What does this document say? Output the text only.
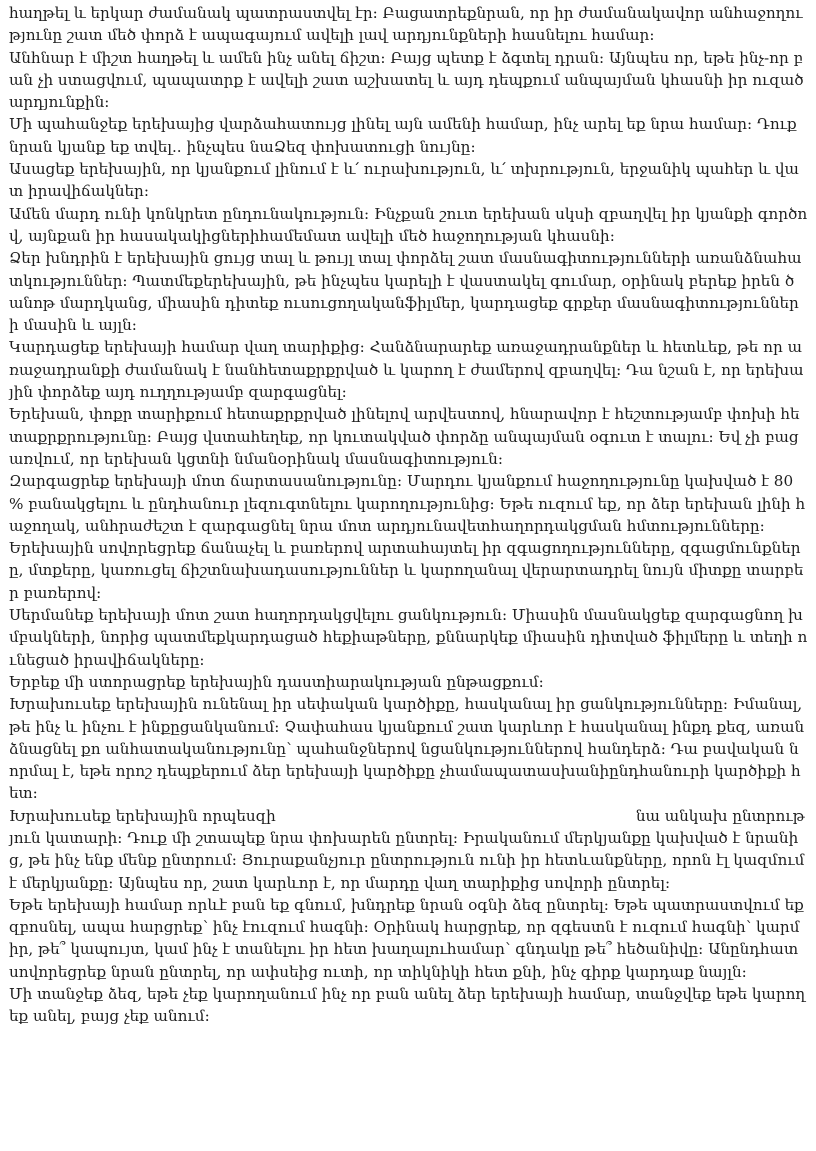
հաղթել և երկար ժամանակ պատրաստվել էր: Բացատրեքնրան, որ իր ժամանակավոր անհաջողությունը շատ մեծ փորձ է ապագայում ավելի լավ արդյունքների հասնելու համար:

Անհնար է միշտ հաղթել և ամեն ինչ անել ճիշտ: Բայց պետք է ձգտել դրան: Այնպես որ, եթե ինչ-որ բան չի ստացվում, պապատրք է ավելի շատ աշխատել և այդ դեպքում անպայման կհասնի իր ուզած արդյունքին:

Մի պահանջեք երեխայից վարձահատույց լինել այն ամենի համար, ինչ արել եք նրա համար: Դուք նրան կյանք եք տվել.. ինչպես նաՁեզ փոխատուցի նույնը:

Ասացեք երեխային, որ կյանքում լինում է և՛ ուրախություն, և՛ տխրություն, երջանիկ պահեր և վատ իրավիճակներ:

Ամեն մարդ ունի կոնկրետ ընդունակություն: Ինչքան շուտ երեխան սկսի զբաղվել իր կյանքի գործով, այնքան իր հասակակիցներիհամեմատ ավելի մեծ հաջողության կհասնի:

Ձեր խնդրին է երեխային ցույց տալ և թույլ տալ փորձել շատ մասնագիտությունների առանձնահատկություններ: Պատմեքերեխային, թե ինչպես կարելի է վաստակել գումար, օրինակ բերեք իրեն ծանոթ մարդկանց, միասին դիտեք ուսուցողականֆիլմեր, կարդացեք գրքեր մասնագիտությունների մասին և այլն:

Կարդացեք երեխայի համար վաղ տարիքից: Հանձնարարեք առաջադրանքներ և հետևեք, թե որ առաջադրանքի ժամանակ է նանհետաքրքրված և կարող է ժամերով զբաղվել: Դա նշան է, որ երեխային փորձեք այդ ուղղությամբ զարգացնել:

Երեխան, փոքր տարիքում հետաքրքրված լինելով արվեստով, հնարավոր է հեշտությամբ փոխի հետաքրքրությունը: Բայց վստահեղեք, որ կուտակված փորձը անպայման օգուտ է տալու: Եվ չի բացառվում, որ երեխան կցտնի նմանօրինակ մասնագիտություն:

Զարգացրեք երեխայի մոտ ճարտասանությունը: Մարդու կյանքում հաջողությունը կախված է 80 % բանակցելու և ընդհանուր լեզուգտնելու կարողությունից: Եթե ուզում եք, որ ձեր երեխան լինի հաջողակ, անհրաժեշտ է զարգացնել նրա մոտ արդյունավետհաղորդակցման հմտությունները:

Երեխային սովորեցրեք ճանաչել և բառերով արտահայտել իր զգացողությունները, զգացմունքները, մտքերը, կառուցել ճիշտնախադասություններ և կարողանալ վերարտադրել նույն միտքը տարբեր բառերով:

Սերմանեք երեխայի մոտ շատ հաղորդակցվելու ցանկություն: Միասին մասնակցեք զարգացնող խմբակների, նորից պատմեքկարդացած հեքիաթները, քննարկեք միասին դիտված ֆիլմերը և տեղի ունեցած իրավիճակները:

Երբեք մի ստորացրեք երեխային դաստիարակության ընթացքում:

Խրախուսեք երեխային ունենալ իր սեփական կարծիքը, հասկանալ իր ցանկությունները: Իմանալ, թե ինչ և ինչու է ինքըցանկանում: Չափահաս կյանքում շատ կարևոր է հասկանալ ինքդ քեզ, առանձնացնել քո անհատականությունը՝ պահանջներով նցանկություններով հանդերձ: Դա բավական նորմալ է, եթե որոշ դեպքերում ձեր երեխայի կարծիքը չհամապատասխանիընդհանուրի կարծիքի հետ:

Խրախուսեք երեխային որպեսզի	նա անկախ ընտրություն կատարի: Դուք մի շտապեք նրա փոխարեն ընտրել: Իրականում մերկյանքը կախված է նրանից, թե ինչ ենք մենք ընտրում: Յուրաքանչյուր ընտրություն ունի իր հետևանքները, որոն էլ կազմում է մերկյանքը: Այնպես որ, շատ կարևոր է, որ մարդը վաղ տարիքից սովորի ընտրել:

Եթե երեխայի համար որևէ բան եք գնում, խնդրեք նրան օգնի ձեզ ընտրել: Եթե պատրաստվում եք զբոսնել, ապա հարցրեք՝ ինչ էուզում հագնի: Օրինակ հարցրեք, որ զգեստն է ուզում հագնի՝ կարմիր, թե՞ կապույտ, կամ ինչ է տանելու իր հետ խաղալուհամար՝ գնդակը թե՞ հեծանիվը: Անընդհատ սովորեցրեք նրան ընտրել, որ ափսեից ուտի, որ տիկնիկի հետ քնի, ինչ գիրք կարդաք նայլն:

Մի տանջեք ձեզ, եթե չեք կարողանում ինչ որ բան անել ձեր երեխայի համար, տանջվեք եթե կարող եք անել, բայց չեք անում:
